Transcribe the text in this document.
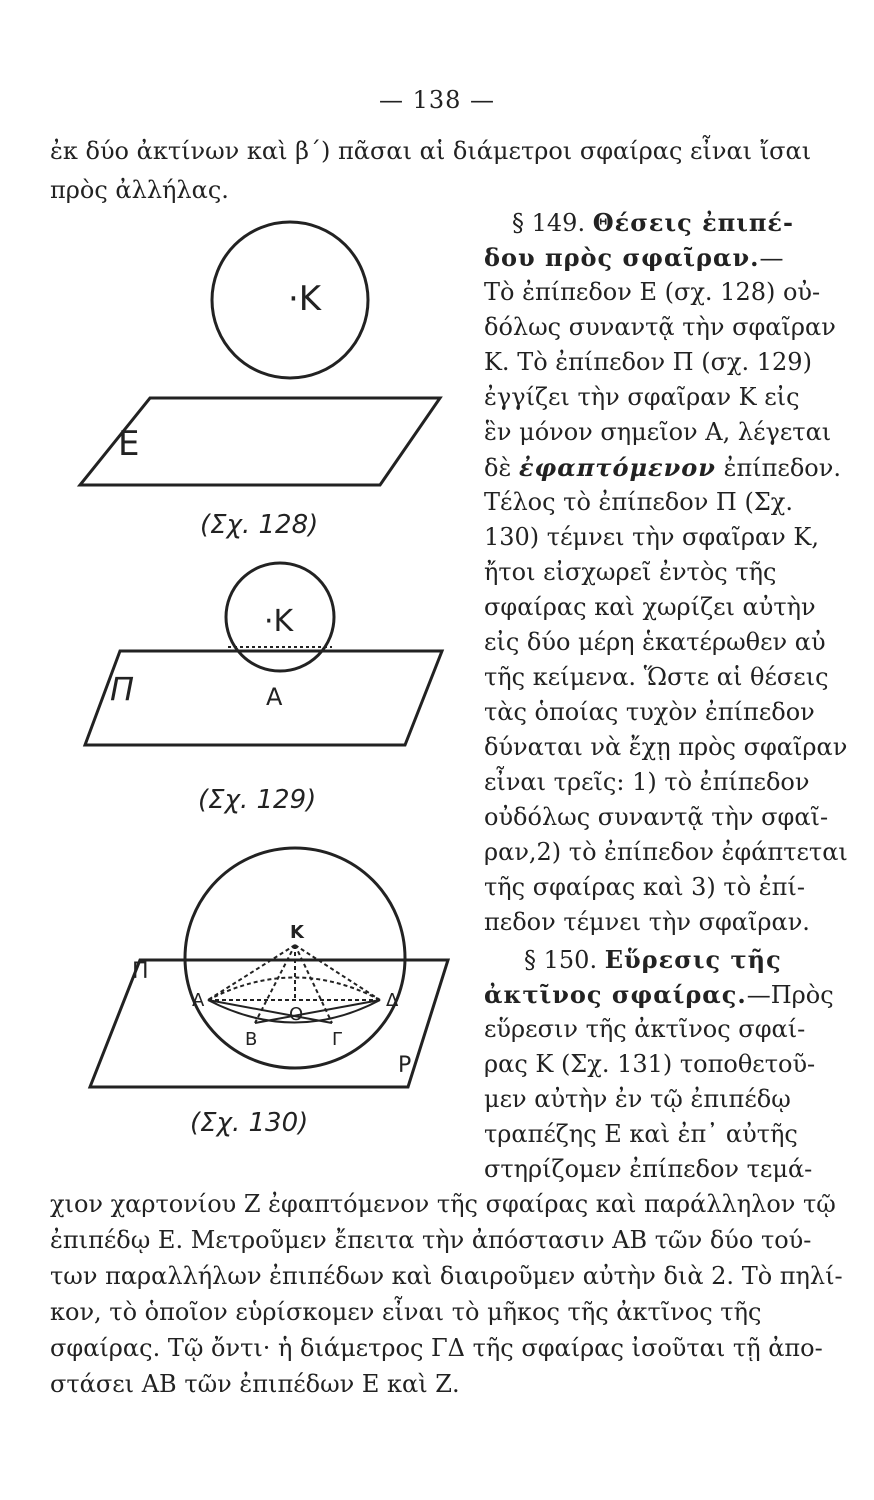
— 138 —
ἐκ δύο ἀκτίνων καὶ β΄) πᾶσαι αἱ διάμετροι σφαίρας εἶναι ἴσαι
πρὸς ἀλλήλας.
§ 149. Θέσεις ἐπιπέ-
δου πρὸς σφαῖραν.—
Τὸ ἐπίπεδον Ε (σχ. 128) οὐ-
δόλως συναντᾷ τὴν σφαῖραν
Κ. Τὸ ἐπίπεδον Π (σχ. 129)
ἐγγίζει τὴν σφαῖραν Κ εἰς
ἓν μόνον σημεῖον Α, λέγεται
δὲ ἐφαπτόμενον ἐπίπεδον.
Τέλος τὸ ἐπίπεδον Π (Σχ.
130) τέμνει τὴν σφαῖραν Κ,
ἤτοι εἰσχωρεῖ ἐντὸς τῆς
σφαίρας καὶ χωρίζει αὐτὴν
εἰς δύο μέρη ἑκατέρωθεν αὐ
τῆς κείμενα. Ὥστε αἱ θέσεις
τὰς ὁποίας τυχὸν ἐπίπεδον
δύναται νὰ ἔχῃ πρὸς σφαῖραν
εἶναι τρεῖς: 1) τὸ ἐπίπεδον
οὐδόλως συναντᾷ τὴν σφαῖ-
ραν,2) τὸ ἐπίπεδον ἐφάπτεται
τῆς σφαίρας καὶ 3) τὸ ἐπί-
πεδον τέμνει τὴν σφαῖραν.
§ 150. Εὕρεσις τῆς
ἀκτῖνος σφαίρας.—Πρὸς
εὕρεσιν τῆς ἀκτῖνος σφαί-
ρας Κ (Σχ. 131) τοποθετοῦ-
μεν αὐτὴν ἐν τῷ ἐπιπέδῳ
τραπέζης Ε καὶ ἐπ᾿ αὐτῆς
στηρίζομεν ἐπίπεδον τεμά-
χιον χαρτονίου Ζ ἐφαπτόμενον τῆς σφαίρας καὶ παράλληλον τῷ
ἐπιπέδῳ Ε. Μετροῦμεν ἔπειτα τὴν ἀπόστασιν ΑΒ τῶν δύο τού-
των παραλλήλων ἐπιπέδων καὶ διαιροῦμεν αὐτὴν διὰ 2. Τὸ πηλί-
κον, τὸ ὁποῖον εὑρίσκομεν εἶναι τὸ μῆκος τῆς ἀκτῖνος τῆς
σφαίρας. Τῷ ὄντι· ἡ διάμετρος ΓΔ τῆς σφαίρας ἰσοῦται τῇ ἀπο-
στάσει ΑΒ τῶν ἐπιπέδων Ε καὶ Ζ.
·K
E
(Σχ. 128)
·K
Π	A
(Σχ. 129)
K
O
A
B	Γ
Δ
Π
Ρ
(Σχ. 130)
